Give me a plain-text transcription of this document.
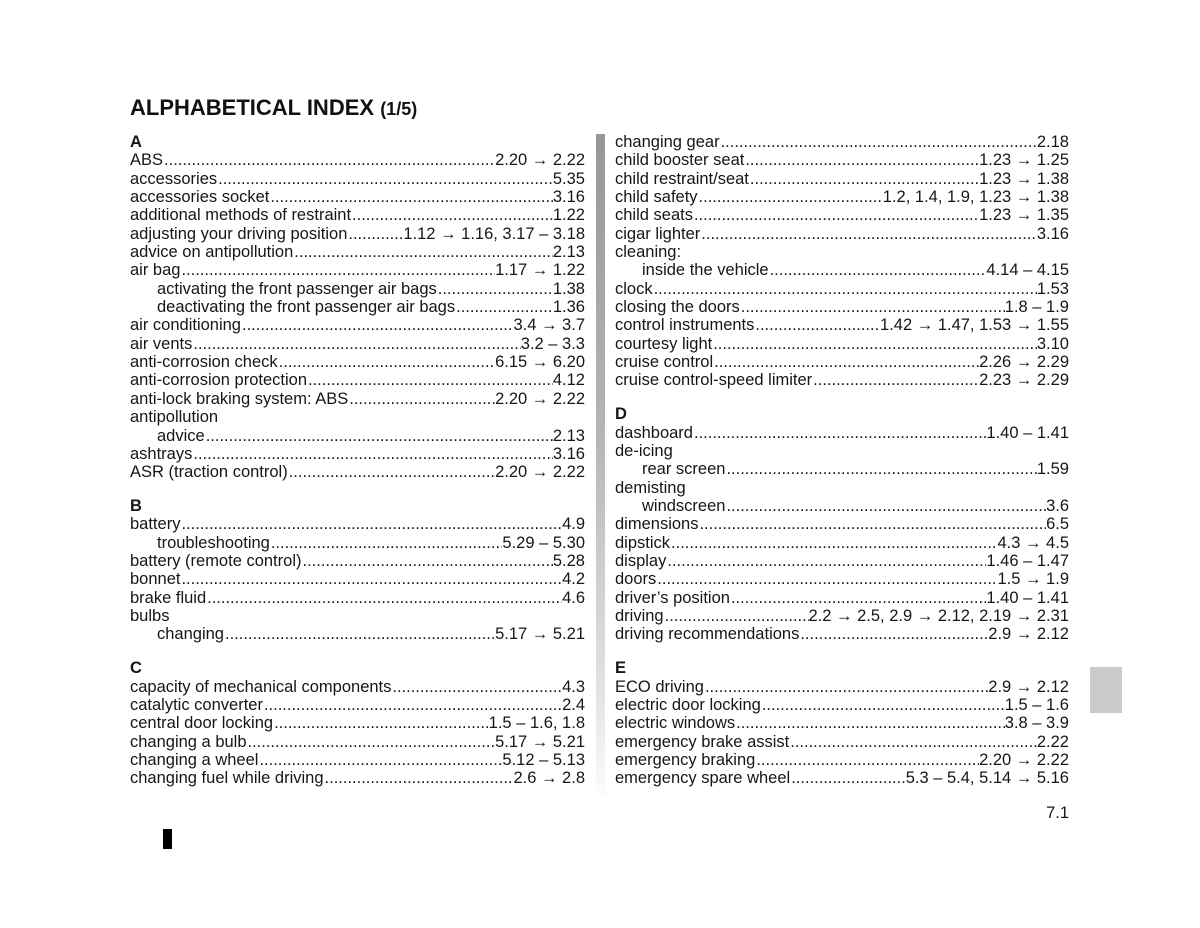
ALPHABETICAL INDEX (1/5)
A
ABS .....	2.20 → 2.22
accessories .....	5.35
accessories socket .....	3.16
additional methods of restraint .....	1.22
adjusting your driving position .....	1.12 → 1.16, 3.17 – 3.18
advice on antipollution .....	2.13
air bag .....	1.17 → 1.22
activating the front passenger air bags .....	1.38
deactivating the front passenger air bags .....	1.36
air conditioning .....	3.4 → 3.7
air vents .....	3.2 – 3.3
anti-corrosion check .....	6.15 → 6.20
anti-corrosion protection .....	4.12
anti-lock braking system: ABS .....	2.20 → 2.22
antipollution
advice .....	2.13
ashtrays .....	3.16
ASR (traction control) .....	2.20 → 2.22
B
battery .....	4.9
troubleshooting .....	5.29 – 5.30
battery (remote control) .....	5.28
bonnet .....	4.2
brake fluid .....	4.6
bulbs
changing .....	5.17 → 5.21
C
capacity of mechanical components .....	4.3
catalytic converter .....	2.4
central door locking .....	1.5 – 1.6, 1.8
changing a bulb .....	5.17 → 5.21
changing a wheel .....	5.12 – 5.13
changing fuel while driving .....	2.6 → 2.8
changing gear .....	2.18
child booster seat .....	1.23 → 1.25
child restraint/seat .....	1.23 → 1.38
child safety .....	1.2, 1.4, 1.9, 1.23 → 1.38
child seats .....	1.23 → 1.35
cigar lighter .....	3.16
cleaning:
inside the vehicle .....	4.14 – 4.15
clock .....	1.53
closing the doors .....	1.8 – 1.9
control instruments .....	1.42 → 1.47, 1.53 → 1.55
courtesy light .....	3.10
cruise control .....	2.26 → 2.29
cruise control-speed limiter .....	2.23 → 2.29
D
dashboard .....	1.40 – 1.41
de-icing
rear screen .....	1.59
demisting
windscreen .....	3.6
dimensions .....	6.5
dipstick .....	4.3 → 4.5
display .....	1.46 – 1.47
doors .....	1.5 → 1.9
driver’s position .....	1.40 – 1.41
driving .....	2.2 → 2.5, 2.9 → 2.12, 2.19 → 2.31
driving recommendations .....	2.9 → 2.12
E
ECO driving .....	2.9 → 2.12
electric door locking .....	1.5 – 1.6
electric windows .....	3.8 – 3.9
emergency brake assist .....	2.22
emergency braking .....	2.20 → 2.22
emergency spare wheel .....	5.3 – 5.4, 5.14 → 5.16
7.1
